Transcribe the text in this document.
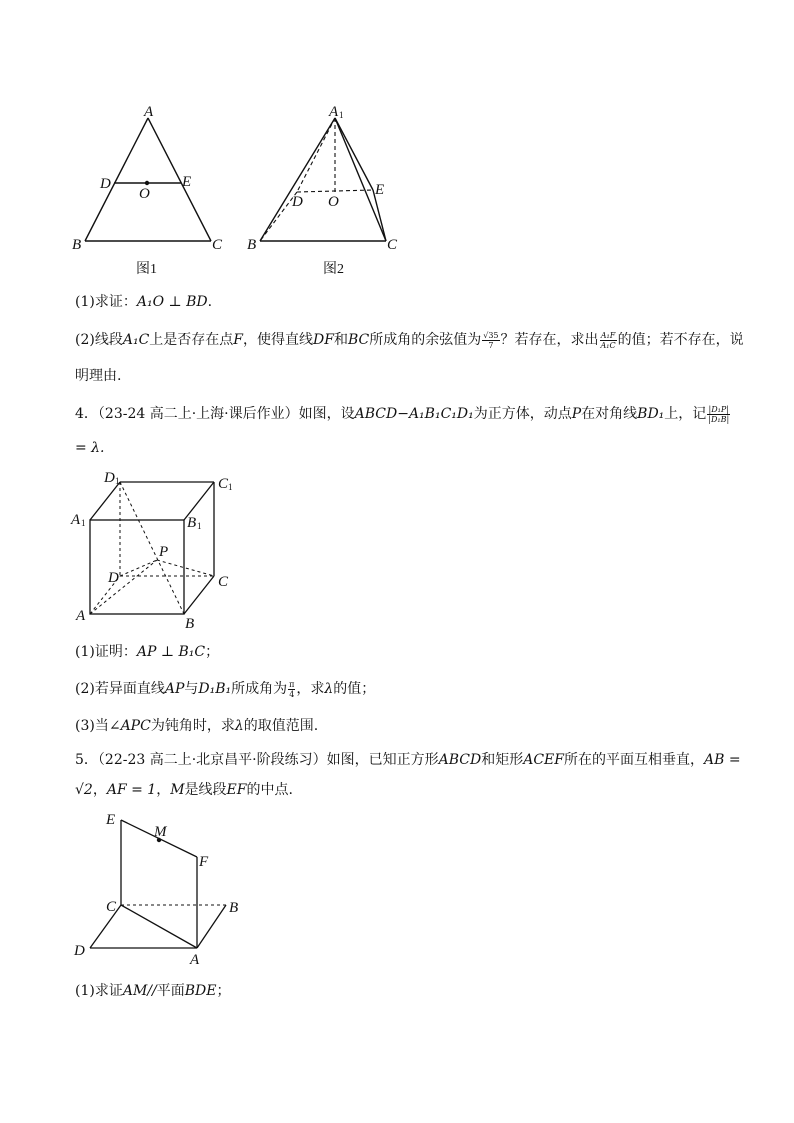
A
D	E
O
B	C
图1
A 1
E
D O
B	C
图2
(1)求证：A₁O ⊥ BD.
(2)线段A₁C上是否存在点F，使得直线DF和BC所成角的余弦值为 $\frac{√35}{7}$ ？若存在，求出 $\frac{\text{A₁F}}{\text{A₁C}}$ 的值；若不存在，说
明理由.
4．（23-24 高二上·上海·课后作业）如图，设ABCD−A₁B₁C₁D₁为正方体，动点P在对角线BD₁上，记 $\frac{\text{|D₁P|}}{\text{|D₁B|}}$
= λ.
D 1	C 1
A 1	B 1
P
D	C
A	B
(1)证明：AP ⊥ B₁C；
(2)若异面直线AP与D₁B₁所成角为 $\frac{\pi}{4}$ ，求λ的值；
(3)当∠APC为钝角时，求λ的取值范围.
5．（22-23 高二上·北京昌平·阶段练习）如图，已知正方形ABCD和矩形ACEF所在的平面互相垂直，AB =
√2，AF = 1，M是线段EF的中点.
E
M
F
C	B
D
A
(1)求证AM//平面BDE；
